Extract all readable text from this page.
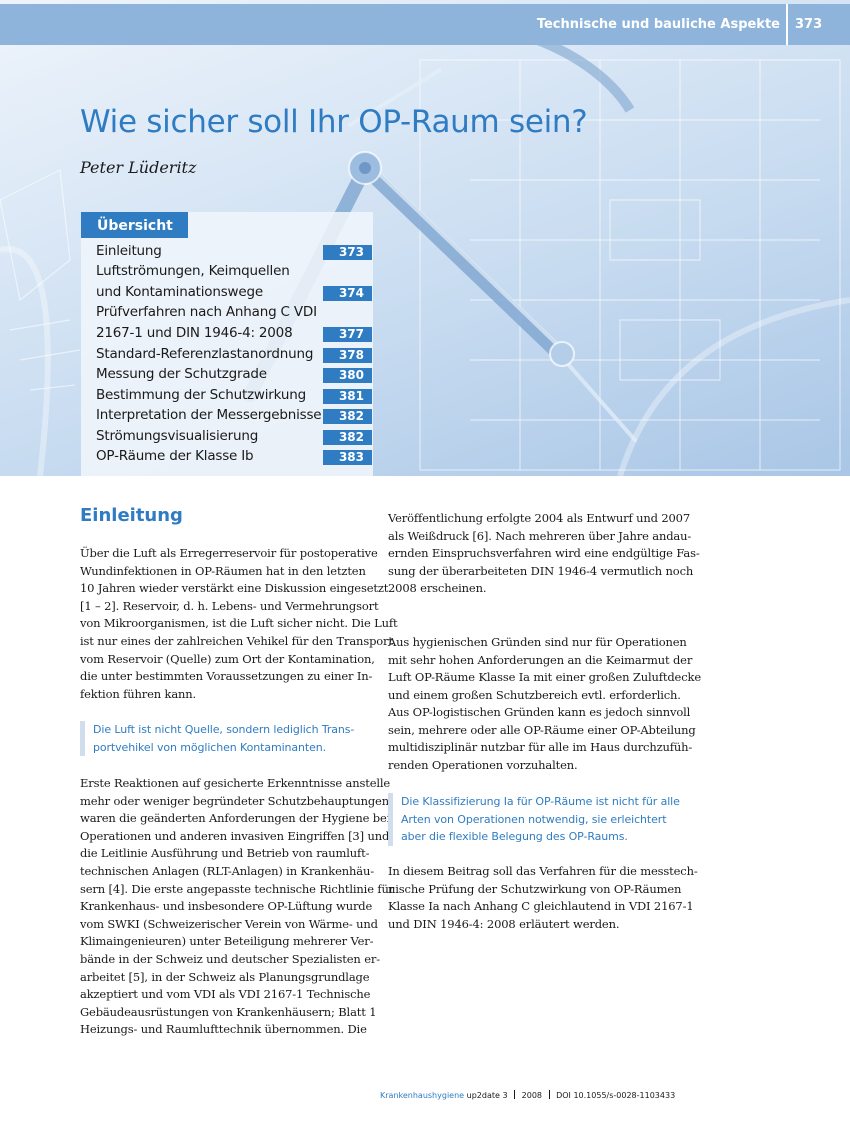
Technische und bauliche Aspekte 373
Wie sicher soll Ihr OP-Raum sein?
Peter Lüderitz
Übersicht
Einleitung	373
Luftströmungen, Keimquellen
und Kontaminationswege	374
Prüfverfahren nach Anhang C VDI
2167-1 und DIN 1946-4: 2008	377
Standard-Referenzlastanordnung	378
Messung der Schutzgrade	380
Bestimmung der Schutzwirkung	381
Interpretation der Messergebnisse	382
Strömungsvisualisierung	382
OP-Räume der Klasse Ib	383
Einleitung
Über die Luft als Erregerreservoir für postoperative
Wundinfektionen in OP-Räumen hat in den letzten
10 Jahren wieder verstärkt eine Diskussion eingesetzt
[1 – 2]. Reservoir, d. h. Lebens- und Vermehrungsort
von Mikroorganismen, ist die Luft sicher nicht. Die Luft
ist nur eines der zahlreichen Vehikel für den Transport
vom Reservoir (Quelle) zum Ort der Kontamination,
die unter bestimmten Voraussetzungen zu einer In-
fektion führen kann.
Die Luft ist nicht Quelle, sondern lediglich Trans-
portvehikel von möglichen Kontaminanten.
Erste Reaktionen auf gesicherte Erkenntnisse anstelle
mehr oder weniger begründeter Schutzbehauptungen
waren die geänderten Anforderungen der Hygiene bei
Operationen und anderen invasiven Eingriffen [3] und
die Leitlinie Ausführung und Betrieb von raumluft-
technischen Anlagen (RLT-Anlagen) in Krankenhäu-
sern [4]. Die erste angepasste technische Richtlinie für
Krankenhaus- und insbesondere OP-Lüftung wurde
vom SWKI (Schweizerischer Verein von Wärme- und
Klimaingenieuren) unter Beteiligung mehrerer Ver-
bände in der Schweiz und deutscher Spezialisten er-
arbeitet [5], in der Schweiz als Planungsgrundlage
akzeptiert und vom VDI als VDI 2167-1 Technische
Gebäudeausrüstungen von Krankenhäusern; Blatt 1
Heizungs- und Raumlufttechnik übernommen. Die
Veröffentlichung erfolgte 2004 als Entwurf und 2007
als Weißdruck [6]. Nach mehreren über Jahre andau-
ernden Einspruchsverfahren wird eine endgültige Fas-
sung der überarbeiteten DIN 1946-4 vermutlich noch
2008 erscheinen.
Aus hygienischen Gründen sind nur für Operationen
mit sehr hohen Anforderungen an die Keimarmut der
Luft OP-Räume Klasse Ia mit einer großen Zuluftdecke
und einem großen Schutzbereich evtl. erforderlich.
Aus OP-logistischen Gründen kann es jedoch sinnvoll
sein, mehrere oder alle OP-Räume einer OP-Abteilung
multidisziplinär nutzbar für alle im Haus durchzufüh-
renden Operationen vorzuhalten.
Die Klassifizierung Ia für OP-Räume ist nicht für alle
Arten von Operationen notwendig, sie erleichtert
aber die flexible Belegung des OP-Raums.
In diesem Beitrag soll das Verfahren für die messtech-
nische Prüfung der Schutzwirkung von OP-Räumen
Klasse Ia nach Anhang C gleichlautend in VDI 2167-1
und DIN 1946-4: 2008 erläutert werden.
Krankenhaushygiene up2date 3 2008 DOI 10.1055/s-0028-1103433
